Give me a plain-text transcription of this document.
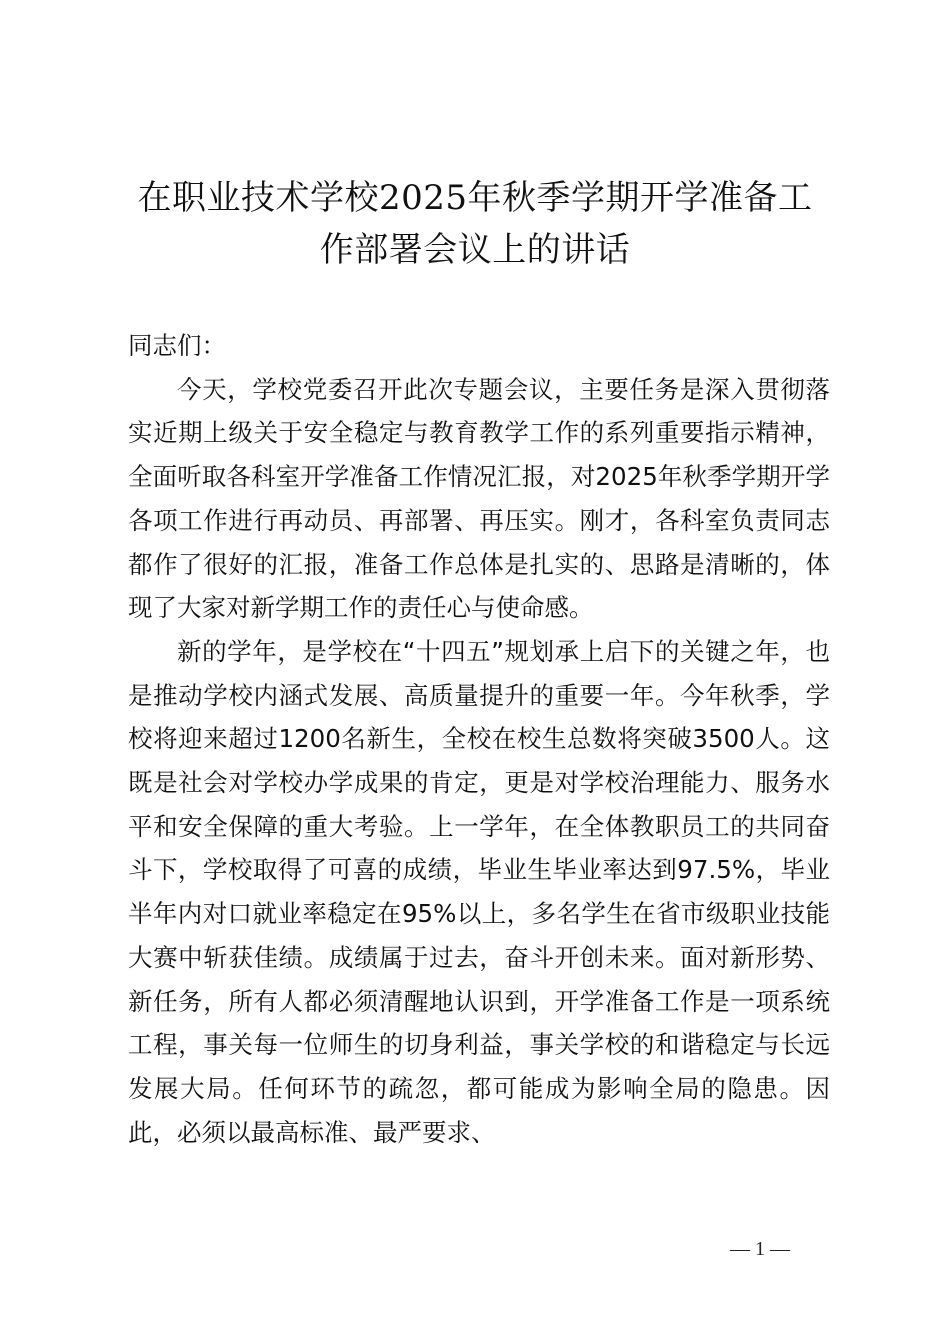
在职业技术学校2025年秋季学期开学准备工
作部署会议上的讲话

同志们：

今天，学校党委召开此次专题会议，主要任务是深入贯彻落实近期上级关于安全稳定与教育教学工作的系列重要指示精神，全面听取各科室开学准备工作情况汇报，对2025年秋季学期开学各项工作进行再动员、再部署、再压实。刚才，各科室负责同志都作了很好的汇报，准备工作总体是扎实的、思路是清晰的，体现了大家对新学期工作的责任心与使命感。

新的学年，是学校在“十四五”规划承上启下的关键之年，也是推动学校内涵式发展、高质量提升的重要一年。今年秋季，学校将迎来超过1200名新生，全校在校生总数将突破3500人。这既是社会对学校办学成果的肯定，更是对学校治理能力、服务水平和安全保障的重大考验。上一学年，在全体教职员工的共同奋斗下，学校取得了可喜的成绩，毕业生毕业率达到97.5%，毕业半年内对口就业率稳定在95%以上，多名学生在省市级职业技能大赛中斩获佳绩。成绩属于过去，奋斗开创未来。面对新形势、新任务，所有人都必须清醒地认识到，开学准备工作是一项系统工程，事关每一位师生的切身利益，事关学校的和谐稳定与长远发展大局。任何环节的疏忽，都可能成为影响全局的隐患。因此，必须以最高标准、最严要求、

— 1 —
